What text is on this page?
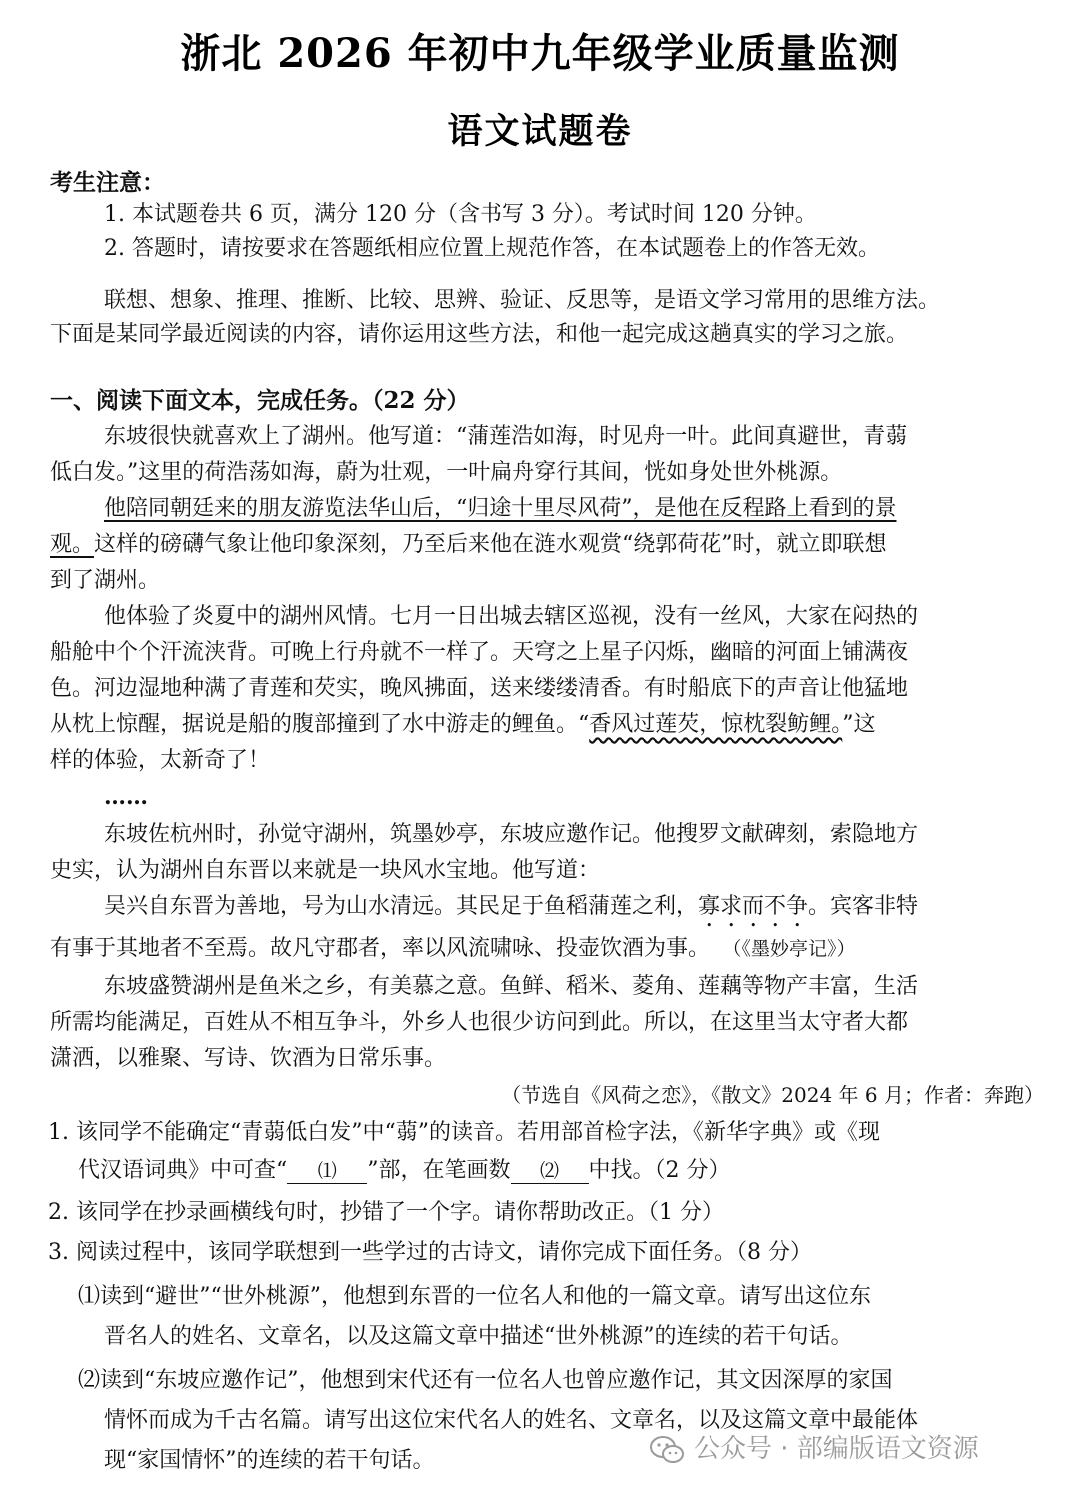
浙北 2026 年初中九年级学业质量监测
语文试题卷
考生注意：
1. 本试题卷共 6 页，满分 120 分（含书写 3 分）。考试时间 120 分钟。
2. 答题时，请按要求在答题纸相应位置上规范作答，在本试题卷上的作答无效。
联想、想象、推理、推断、比较、思辨、验证、反思等，是语文学习常用的思维方法。
下面是某同学最近阅读的内容，请你运用这些方法，和他一起完成这趟真实的学习之旅。
一、阅读下面文本，完成任务。（22 分）
东坡很快就喜欢上了湖州。他写道：“蒲莲浩如海，时见舟一叶。此间真避世，青蒻
低白发。”这里的荷浩荡如海，蔚为壮观，一叶扁舟穿行其间，恍如身处世外桃源。
他陪同朝廷来的朋友游览法华山后，“归途十里尽风荷”，是他在反程路上看到的景
观。这样的磅礴气象让他印象深刻，乃至后来他在涟水观赏“绕郭荷花”时，就立即联想
到了湖州。
他体验了炎夏中的湖州风情。七月一日出城去辖区巡视，没有一丝风，大家在闷热的
船舱中个个汗流浃背。可晚上行舟就不一样了。天穹之上星子闪烁，幽暗的河面上铺满夜
色。河边湿地种满了青莲和芡实，晚风拂面，送来缕缕清香。有时船底下的声音让他猛地
从枕上惊醒，据说是船的腹部撞到了水中游走的鲤鱼。“香风过莲芡，惊枕裂鲂鲤。”这
样的体验，太新奇了！
……
东坡佐杭州时，孙觉守湖州，筑墨妙亭，东坡应邀作记。他搜罗文献碑刻，索隐地方
史实，认为湖州自东晋以来就是一块风水宝地。他写道：
吴兴自东晋为善地，号为山水清远。其民足于鱼稻蒲莲之利，寡求而不争。宾客非特
有事于其地者不至焉。故凡守郡者，率以风流啸咏、投壶饮酒为事。 （《墨妙亭记》）
东坡盛赞湖州是鱼米之乡，有美慕之意。鱼鲜、稻米、菱角、莲藕等物产丰富，生活
所需均能满足，百姓从不相互争斗，外乡人也很少访问到此。所以，在这里当太守者大都
潇洒，以雅聚、写诗、饮酒为日常乐事。
（节选自《风荷之恋》，《散文》2024 年 6 月；作者：奔跑）
1. 该同学不能确定“青蒻低白发”中“蒻”的读音。若用部首检字法，《新华字典》或《现
代汉语词典》中可查“ ⑴ ”部，在笔画数 ⑵ 中找。（2 分）
2. 该同学在抄录画横线句时，抄错了一个字。请你帮助改正。（1 分）
3. 阅读过程中，该同学联想到一些学过的古诗文，请你完成下面任务。（8 分）
⑴读到“避世”“世外桃源”，他想到东晋的一位名人和他的一篇文章。请写出这位东
晋名人的姓名、文章名，以及这篇文章中描述“世外桃源”的连续的若干句话。
⑵读到“东坡应邀作记”，他想到宋代还有一位名人也曾应邀作记，其文因深厚的家国
情怀而成为千古名篇。请写出这位宋代名人的姓名、文章名，以及这篇文章中最能体
现“家国情怀”的连续的若干句话。	公众号 · 部编版语文资源
